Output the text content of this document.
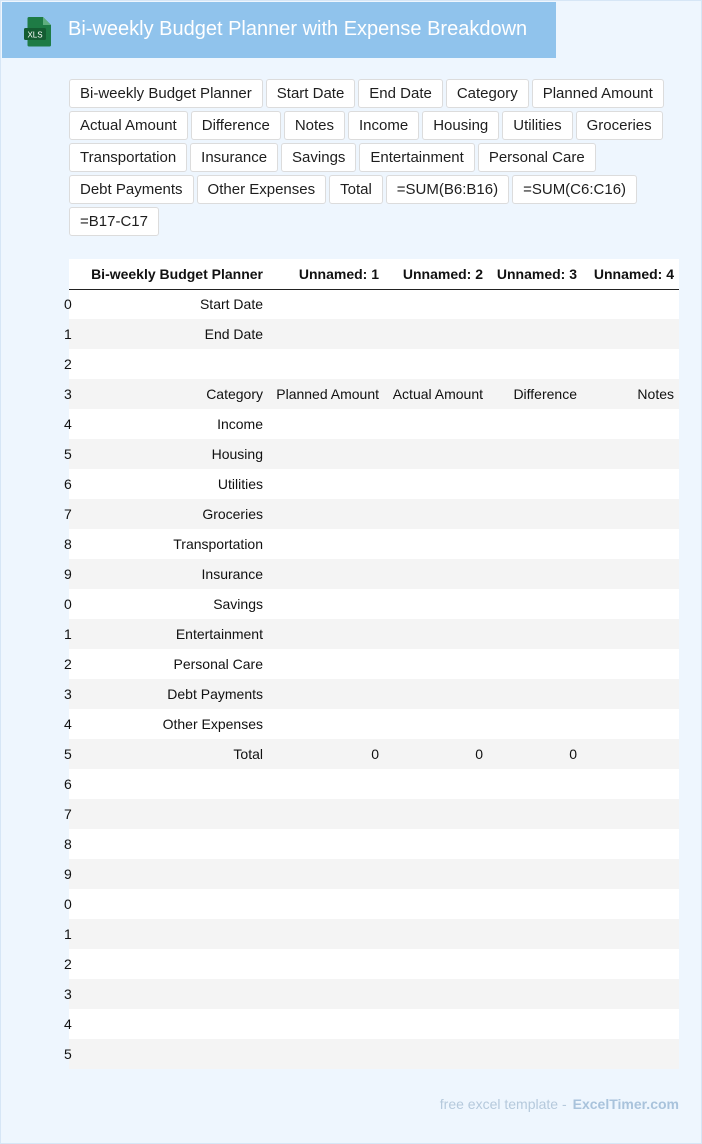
XLS Bi-weekly Budget Planner with Expense Breakdown
Bi-weekly Budget Planner	Start Date	End Date	Category	Planned Amount
Actual Amount	Difference	Notes	Income	Housing	Utilities	Groceries
Transportation	Insurance	Savings	Entertainment	Personal Care
Debt Payments	Other Expenses	Total	=SUM(B6:B16)	=SUM(C6:C16)
=B17-C17
	Bi-weekly Budget Planner	Unnamed: 1	Unnamed: 2	Unnamed: 3	Unnamed: 4
0	Start Date				
1	End Date				
2					
3	Category	Planned Amount	Actual Amount	Difference	Notes
4	Income				
5	Housing				
6	Utilities				
7	Groceries				
8	Transportation				
9	Insurance				
0	Savings				
1	Entertainment				
2	Personal Care				
3	Debt Payments				
4	Other Expenses				
5	Total	0	0	0	
6					
7					
8					
9					
0					
1					
2					
3					
4					
5					
free excel template - ExcelTimer.com
